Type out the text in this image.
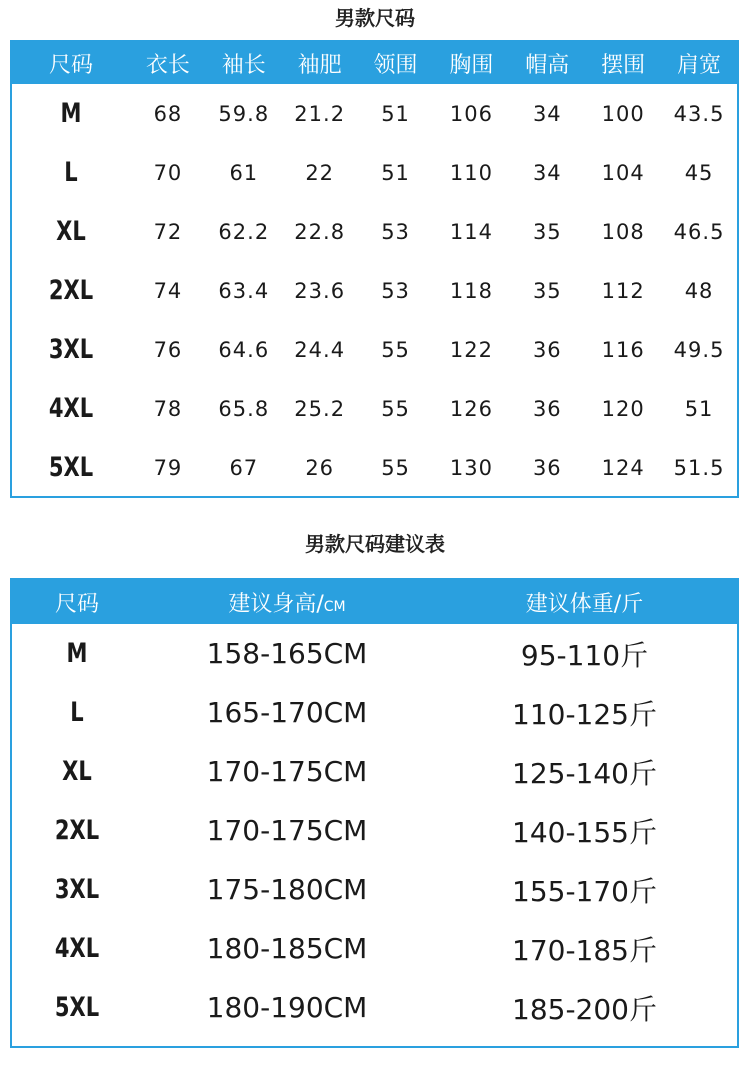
男款尺码
尺码	衣长	袖长	袖肥	领围	胸围	帽高	摆围	肩宽
M	68	59.8	21.2	51	106	34	100	43.5
L	70	61	22	51	110	34	104	45
XL	72	62.2	22.8	53	114	35	108	46.5
2XL	74	63.4	23.6	53	118	35	112	48
3XL	76	64.6	24.4	55	122	36	116	49.5
4XL	78	65.8	25.2	55	126	36	120	51
5XL	79	67	26	55	130	36	124	51.5
男款尺码建议表
尺码	建议身高/CM	建议体重/斤
M	158-165CM	95-110斤
L	165-170CM	110-125斤
XL	170-175CM	125-140斤
2XL	170-175CM	140-155斤
3XL	175-180CM	155-170斤
4XL	180-185CM	170-185斤
5XL	180-190CM	185-200斤
